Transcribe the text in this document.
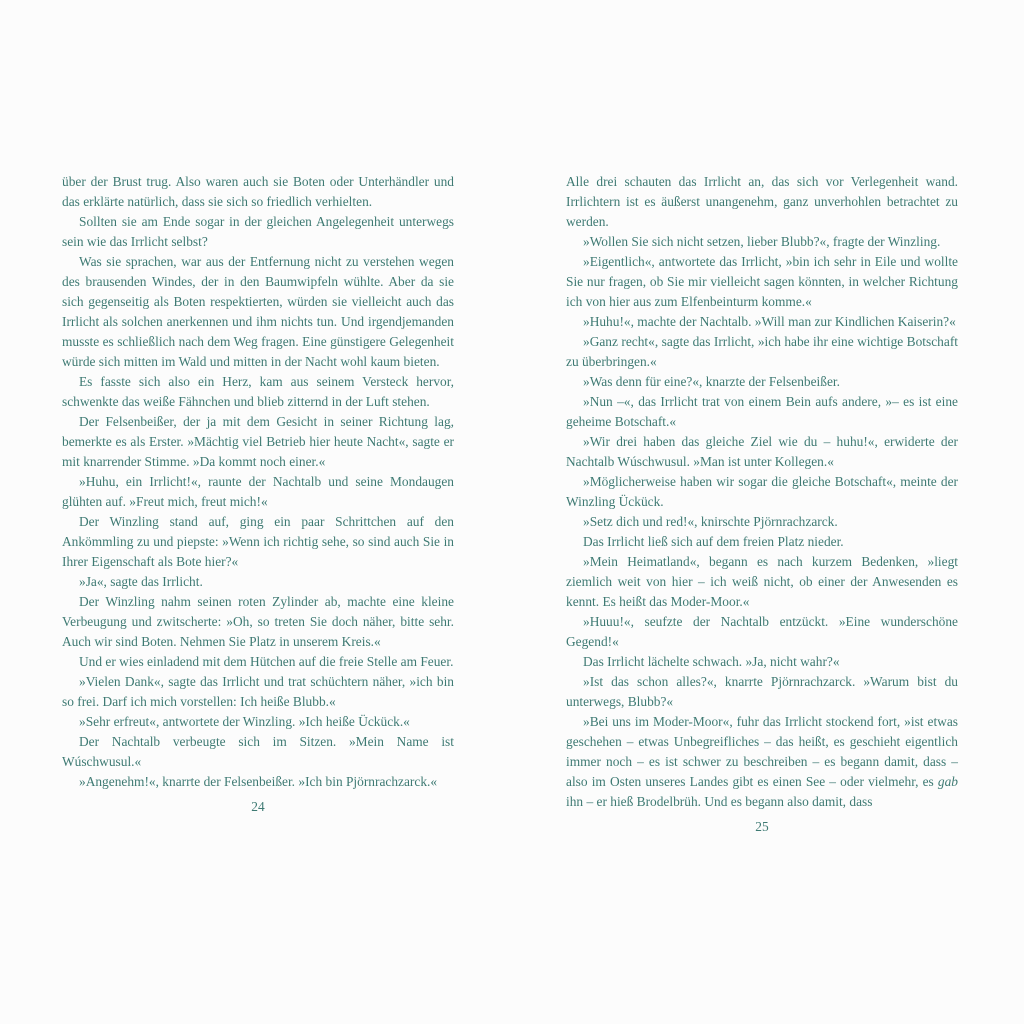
über der Brust trug. Also waren auch sie Boten oder Unterhändler und das erklärte natürlich, dass sie sich so friedlich verhielten.

Sollten sie am Ende sogar in der gleichen Angelegenheit unterwegs sein wie das Irrlicht selbst?

Was sie sprachen, war aus der Entfernung nicht zu verstehen wegen des brausenden Windes, der in den Baumwipfeln wühlte. Aber da sie sich gegenseitig als Boten respektierten, würden sie vielleicht auch das Irrlicht als solchen anerkennen und ihm nichts tun. Und irgendjemanden musste es schließlich nach dem Weg fragen. Eine günstigere Gelegenheit würde sich mitten im Wald und mitten in der Nacht wohl kaum bieten.

Es fasste sich also ein Herz, kam aus seinem Versteck hervor, schwenkte das weiße Fähnchen und blieb zitternd in der Luft stehen.

Der Felsenbeißer, der ja mit dem Gesicht in seiner Richtung lag, bemerkte es als Erster. »Mächtig viel Betrieb hier heute Nacht«, sagte er mit knarrender Stimme. »Da kommt noch einer.«

»Huhu, ein Irrlicht!«, raunte der Nachtalb und seine Mondaugen glühten auf. »Freut mich, freut mich!«

Der Winzling stand auf, ging ein paar Schrittchen auf den Ankömmling zu und piepste: »Wenn ich richtig sehe, so sind auch Sie in Ihrer Eigenschaft als Bote hier?«

»Ja«, sagte das Irrlicht.

Der Winzling nahm seinen roten Zylinder ab, machte eine kleine Verbeugung und zwitscherte: »Oh, so treten Sie doch näher, bitte sehr. Auch wir sind Boten. Nehmen Sie Platz in unserem Kreis.«

Und er wies einladend mit dem Hütchen auf die freie Stelle am Feuer.

»Vielen Dank«, sagte das Irrlicht und trat schüchtern näher, »ich bin so frei. Darf ich mich vorstellen: Ich heiße Blubb.«

»Sehr erfreut«, antwortete der Winzling. »Ich heiße Ückück.«

Der Nachtalb verbeugte sich im Sitzen. »Mein Name ist Wúschwusul.«

»Angenehm!«, knarrte der Felsenbeißer. »Ich bin Pjörnrachzarck.«

24

Alle drei schauten das Irrlicht an, das sich vor Verlegenheit wand. Irrlichtern ist es äußerst unangenehm, ganz unverhohlen betrachtet zu werden.

»Wollen Sie sich nicht setzen, lieber Blubb?«, fragte der Winzling.

»Eigentlich«, antwortete das Irrlicht, »bin ich sehr in Eile und wollte Sie nur fragen, ob Sie mir vielleicht sagen könnten, in welcher Richtung ich von hier aus zum Elfenbeinturm komme.«

»Huhu!«, machte der Nachtalb. »Will man zur Kindlichen Kaiserin?«

»Ganz recht«, sagte das Irrlicht, »ich habe ihr eine wichtige Botschaft zu überbringen.«

»Was denn für eine?«, knarzte der Felsenbeißer.

»Nun –«, das Irrlicht trat von einem Bein aufs andere, »– es ist eine geheime Botschaft.«

»Wir drei haben das gleiche Ziel wie du – huhu!«, erwiderte der Nachtalb Wúschwusul. »Man ist unter Kollegen.«

»Möglicherweise haben wir sogar die gleiche Botschaft«, meinte der Winzling Ückück.

»Setz dich und red!«, knirschte Pjörnrachzarck.

Das Irrlicht ließ sich auf dem freien Platz nieder.

»Mein Heimatland«, begann es nach kurzem Bedenken, »liegt ziemlich weit von hier – ich weiß nicht, ob einer der Anwesenden es kennt. Es heißt das Moder-Moor.«

»Huuu!«, seufzte der Nachtalb entzückt. »Eine wunderschöne Gegend!«

Das Irrlicht lächelte schwach. »Ja, nicht wahr?«

»Ist das schon alles?«, knarrte Pjörnrachzarck. »Warum bist du unterwegs, Blubb?«

»Bei uns im Moder-Moor«, fuhr das Irrlicht stockend fort, »ist etwas geschehen – etwas Unbegreifliches – das heißt, es geschieht eigentlich immer noch – es ist schwer zu beschreiben – es begann damit, dass – also im Osten unseres Landes gibt es einen See – oder vielmehr, es gab ihn – er hieß Brodelbrüh. Und es begann also damit, dass

25
